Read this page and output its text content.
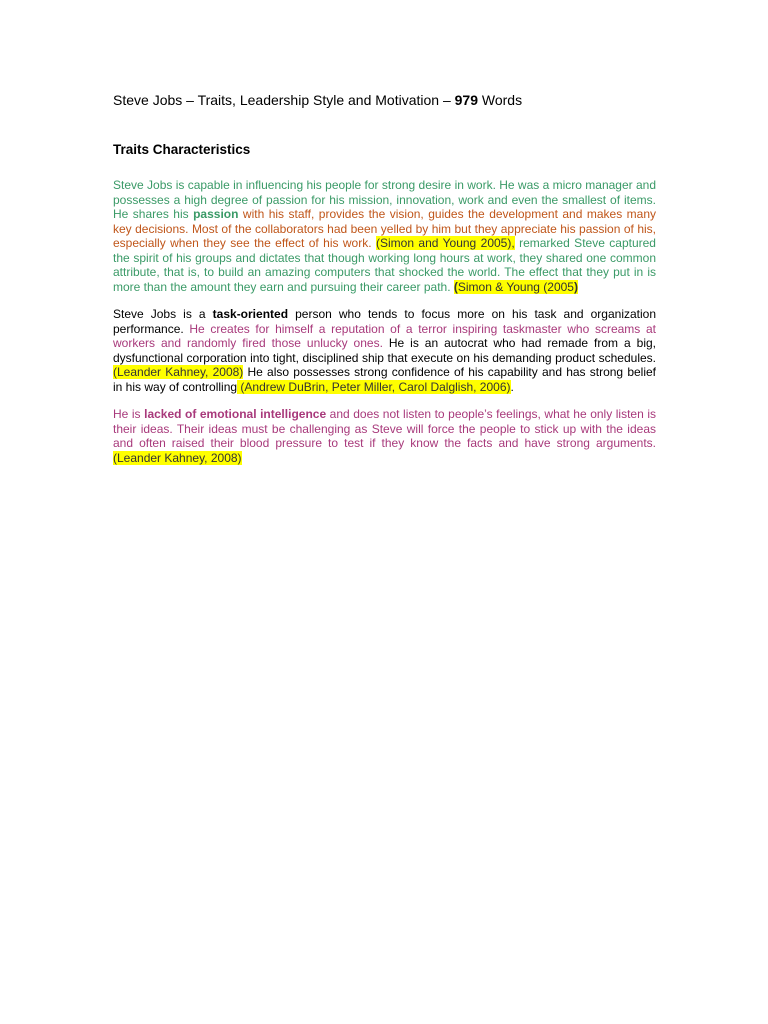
Steve Jobs – Traits, Leadership Style and Motivation – 979 Words

Traits Characteristics

Steve Jobs is capable in influencing his people for strong desire in work. He was a micro manager and possesses a high degree of passion for his mission, innovation, work and even the smallest of items. He shares his passion with his staff, provides the vision, guides the development and makes many key decisions. Most of the collaborators had been yelled by him but they appreciate his passion of his, especially when they see the effect of his work. (Simon and Young 2005), remarked Steve captured the spirit of his groups and dictates that though working long hours at work, they shared one common attribute, that is, to build an amazing computers that shocked the world. The effect that they put in is more than the amount they earn and pursuing their career path. (Simon & Young (2005)

Steve Jobs is a task-oriented person who tends to focus more on his task and organization performance. He creates for himself a reputation of a terror inspiring taskmaster who screams at workers and randomly fired those unlucky ones. He is an autocrat who had remade from a big, dysfunctional corporation into tight, disciplined ship that execute on his demanding product schedules. (Leander Kahney, 2008) He also possesses strong confidence of his capability and has strong belief in his way of controlling (Andrew DuBrin, Peter Miller, Carol Dalglish, 2006).

He is lacked of emotional intelligence and does not listen to people’s feelings, what he only listen is their ideas. Their ideas must be challenging as Steve will force the people to stick up with the ideas and often raised their blood pressure to test if they know the facts and have strong arguments. (Leander Kahney, 2008)
